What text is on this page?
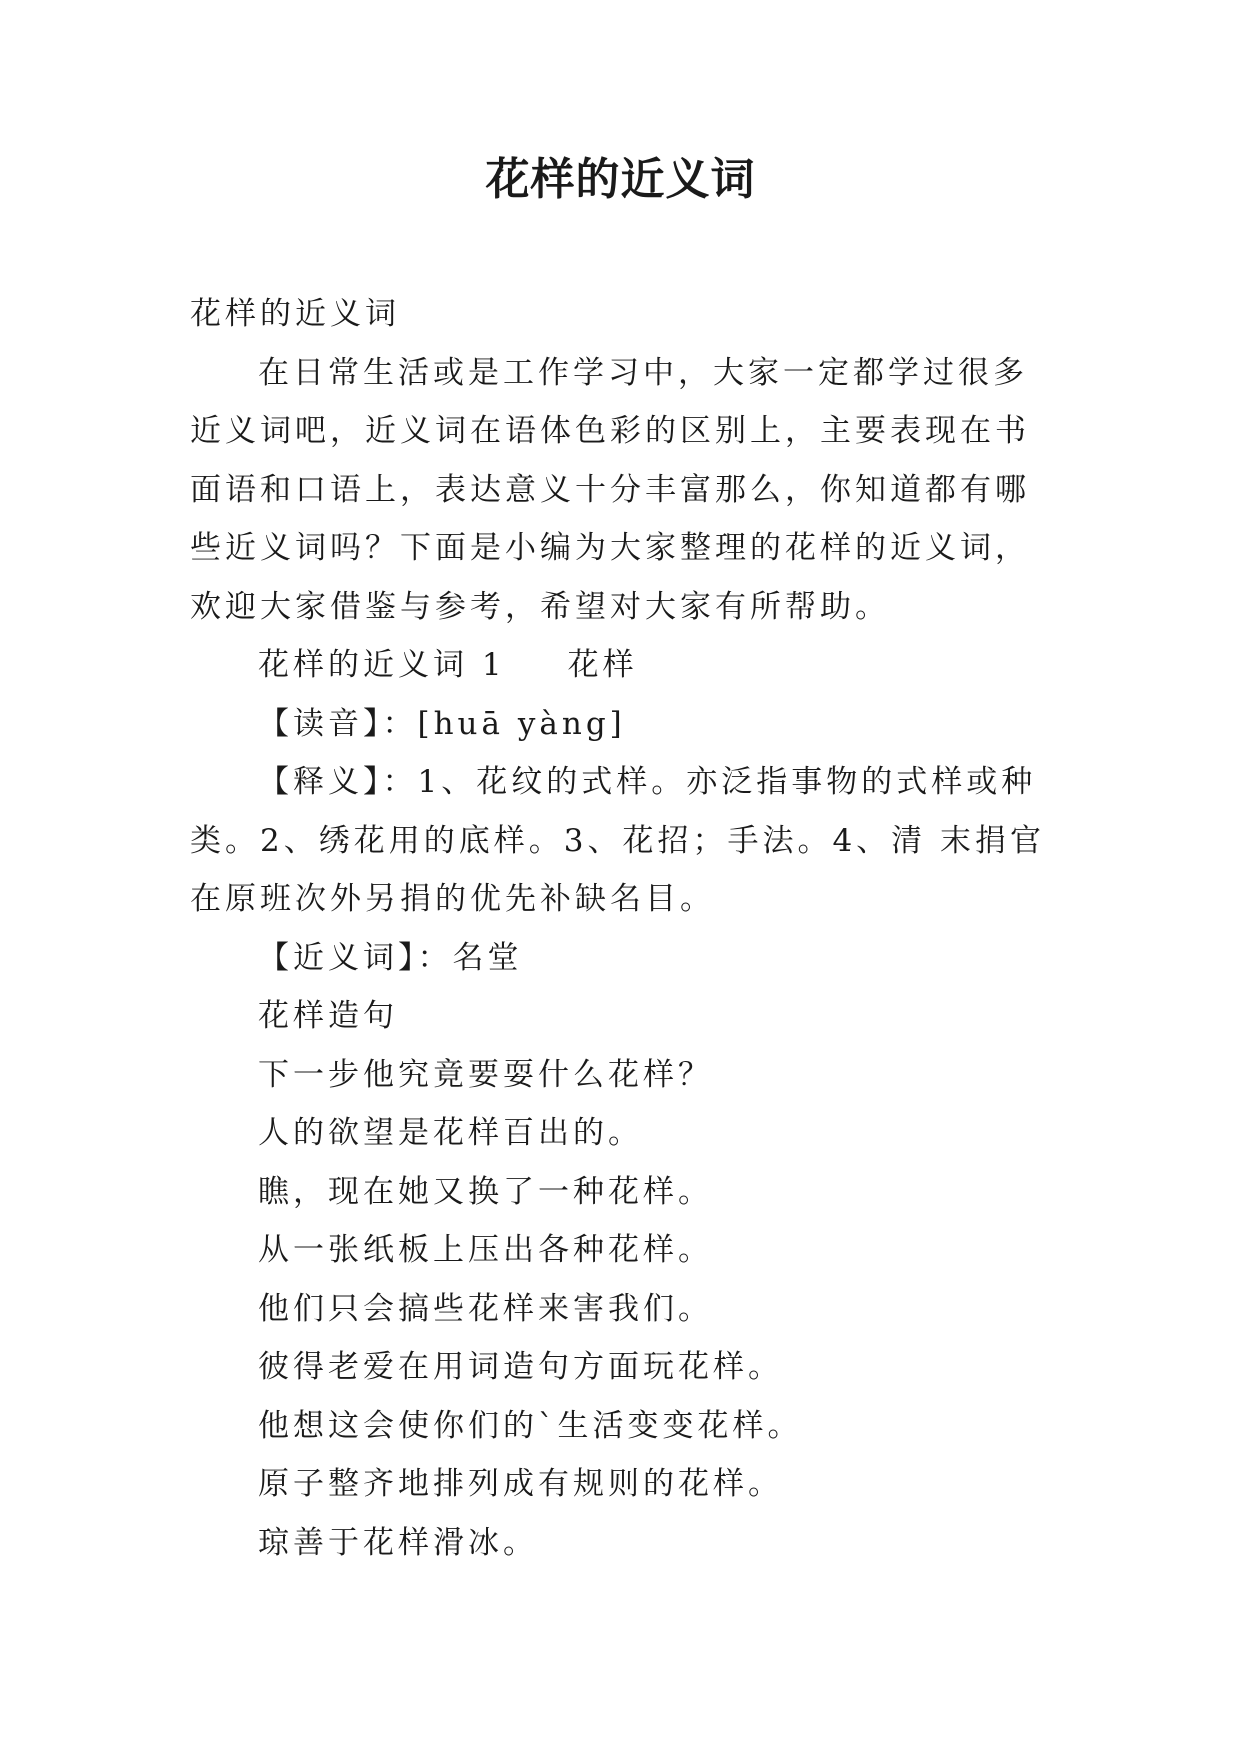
花样的近义词

花样的近义词

在日常生活或是工作学习中，大家一定都学过很多近义词吧，近义词在语体色彩的区别上，主要表现在书面语和口语上，表达意义十分丰富那么，你知道都有哪些近义词吗？下面是小编为大家整理的花样的近义词，欢迎大家借鉴与参考，希望对大家有所帮助。

花样的近义词 1 花样

【读音】：[huā yàng]

【释义】：1、花纹的式样。亦泛指事物的式样或种类。2、绣花用的底样。3、花招；手法。4、清 末捐官在原班次外另捐的优先补缺名目。

【近义词】：名堂

花样造句

下一步他究竟要耍什么花样？

人的欲望是花样百出的。

瞧，现在她又换了一种花样。

从一张纸板上压出各种花样。

他们只会搞些花样来害我们。

彼得老爱在用词造句方面玩花样。

他想这会使你们的`生活变变花样。

原子整齐地排列成有规则的花样。

琼善于花样滑冰。
